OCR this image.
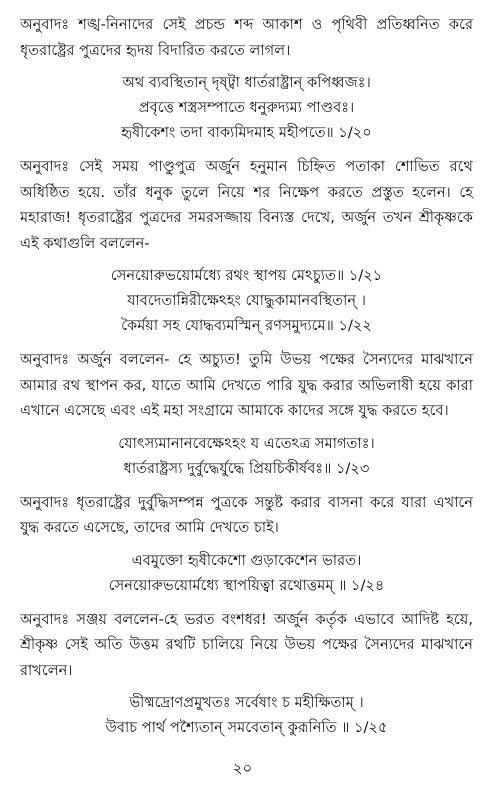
অনুবাদঃ শঙ্খ-নিনাদের সেই প্রচন্ড শব্দ আকাশ ও পৃথিবী প্রতিধ্বনিত করে ধৃতরাষ্ট্রের পুত্রদের হৃদয় বিদারিত করতে লাগল।

অথ ব্যবস্থিতান্ দৃষ্ট্বা ধার্তরাষ্ট্রান্ কপিধ্বজঃ।

প্রবৃত্তে শস্ত্রসম্পাতে ধনুরুদ্যম্য পাণ্ডবঃ।

হৃষীকেশং তদা বাক্যমিদমাহ মহীপতে॥ ১/২০

অনুবাদঃ সেই সময় পাণ্ডুপুত্র অর্জুন হনুমান চিহ্নিত পতাকা শোভিত রথে অধিষ্ঠিত হয়ে. তাঁর ধনুক তুলে নিয়ে শর নিক্ষেপ করতে প্রস্তুত হলেন। হে মহারাজ! ধৃতরাষ্ট্রের পুত্রদের সমরসজ্জায় বিন্যস্ত দেখে, অর্জুন তখন শ্রীকৃষ্ণকে এই কথাগুলি বললেন-

সেনয়োরুভয়োর্মধ্যে রথং স্থাপয় মেঽচ্যুত॥ ১/২১

যাবদেতান্নিরীক্ষেঽহং যোদ্ধুকামানবস্থিতান্ ।

কৈর্ময়া সহ যোদ্ধব্যমস্মিন্ রণসমুদ্যমে॥ ১/২২

অনুবাদঃ অর্জুন বললেন- হে অচ্যুত! তুমি উভয় পক্ষের সৈন্যদের মাঝখানে আমার রথ স্থাপন কর, যাতে আমি দেখতে পারি যুদ্ধ করার অভিলাষী হয়ে কারা এখানে এসেছে এবং এই মহা সংগ্রামে আমাকে কাদের সঙ্গে যুদ্ধ করতে হবে।

যোৎস্যমানানবেক্ষেঽহং য এতেঽত্র সমাগতাঃ।

ধার্তরাষ্ট্রস্য দুর্বুদ্ধের্যুদ্ধে প্রিয়চিকীর্ষবঃ॥ ১/২৩

অনুবাদঃ ধৃতরাষ্ট্রের দুর্বুদ্ধিসম্পন্ন পুত্রকে সন্তুষ্ট করার বাসনা করে যারা এখানে যুদ্ধ করতে এসেছে, তাদের আমি দেখতে চাই।

এবমুক্তো হৃষীকেশো গুড়াকেশেন ভারত।

সেনয়োরুভয়োর্মধ্যে স্থাপয়িত্বা রথোত্তমম্ ॥ ১/২৪

অনুবাদঃ সঞ্জয় বললেন-হে ভরত বংশধর! অর্জুন কর্তৃক এভাবে আদিষ্ট হয়ে, শ্রীকৃষ্ণ সেই অতি উত্তম রথটি চালিয়ে নিয়ে উভয় পক্ষের সৈন্যদের মাঝখানে রাখলেন।

ভীষ্মদ্রোণপ্রমুখতঃ সর্বেষাং চ মহীক্ষিতাম্ ।

উবাচ পার্থ পশ্যৈতান্ সমবেতান্ কুরূনিতি ॥ ১/২৫

২০
